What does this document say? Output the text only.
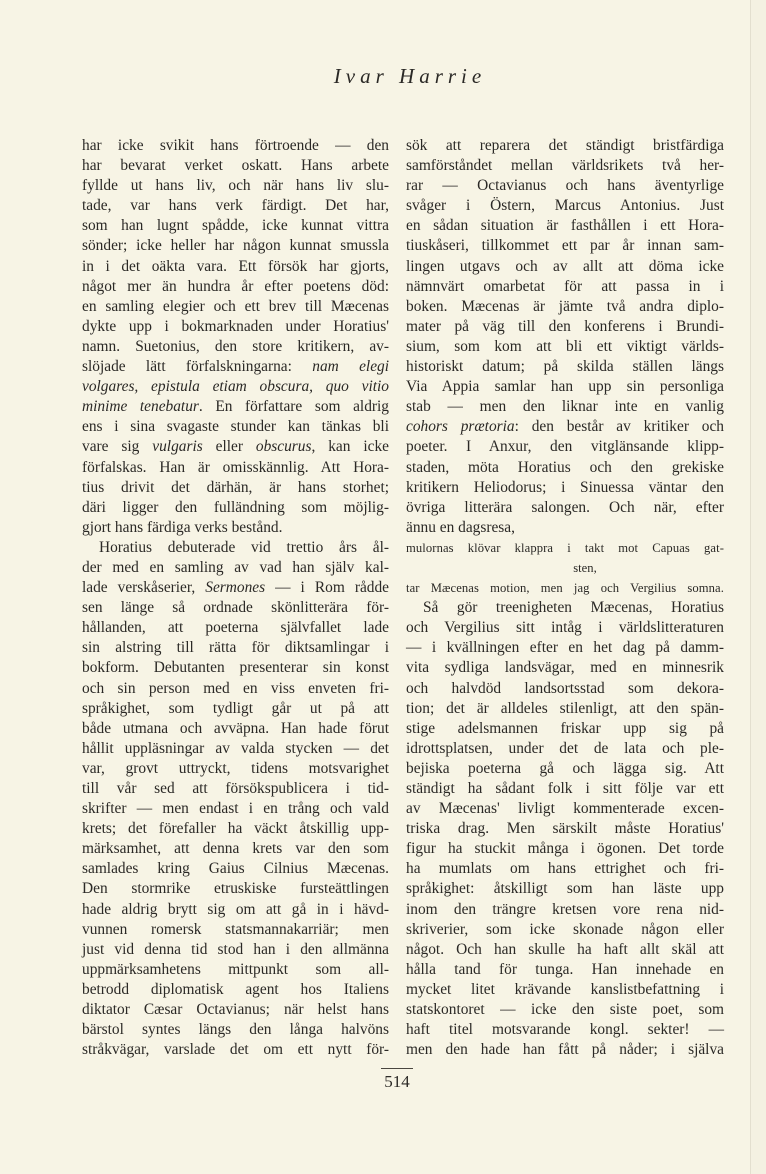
Ivar Harrie
har icke svikit hans förtroende — den
har bevarat verket oskatt. Hans arbete
fyllde ut hans liv, och när hans liv slu-
tade, var hans verk färdigt. Det har,
som han lugnt spådde, icke kunnat vittra
sönder; icke heller har någon kunnat smussla
in i det oäkta vara. Ett försök har gjorts,
något mer än hundra år efter poetens död:
en samling elegier och ett brev till Mæcenas
dykte upp i bokmarknaden under Horatius'
namn. Suetonius, den store kritikern, av-
slöjade lätt förfalskningarna: nam elegi
volgares, epistula etiam obscura, quo vitio
minime tenebatur. En författare som aldrig
ens i sina svagaste stunder kan tänkas bli
vare sig vulgaris eller obscurus, kan icke
förfalskas. Han är omisskännlig. Att Hora-
tius drivit det därhän, är hans storhet;
däri ligger den fulländning som möjlig-
gjort hans färdiga verks bestånd.
Horatius debuterade vid trettio års ål-
der med en samling av vad han själv kal-
lade verskåserier, Sermones — i Rom rådde
sen länge så ordnade skönlitterära för-
hållanden, att poeterna självfallet lade
sin alstring till rätta för diktsamlingar i
bokform. Debutanten presenterar sin konst
och sin person med en viss enveten fri-
språkighet, som tydligt går ut på att
både utmana och avväpna. Han hade förut
hållit uppläsningar av valda stycken — det
var, grovt uttryckt, tidens motsvarighet
till vår sed att försökspublicera i tid-
skrifter — men endast i en trång och vald
krets; det förefaller ha väckt åtskillig upp-
märksamhet, att denna krets var den som
samlades kring Gaius Cilnius Mæcenas.
Den stormrike etruskiske fursteättlingen
hade aldrig brytt sig om att gå in i hävd-
vunnen romersk statsmannakarriär; men
just vid denna tid stod han i den allmänna
uppmärksamhetens mittpunkt som all-
betrodd diplomatisk agent hos Italiens
diktator Cæsar Octavianus; när helst hans
bärstol syntes längs den långa halvöns
stråkvägar, varslade det om ett nytt för-
sök att reparera det ständigt bristfärdiga
samförståndet mellan världsrikets två her-
rar — Octavianus och hans äventyrlige
svåger i Östern, Marcus Antonius. Just
en sådan situation är fasthållen i ett Hora-
tiuskåseri, tillkommet ett par år innan sam-
lingen utgavs och av allt att döma icke
nämnvärt omarbetat för att passa in i
boken. Mæcenas är jämte två andra diplo-
mater på väg till den konferens i Brundi-
sium, som kom att bli ett viktigt världs-
historiskt datum; på skilda ställen längs
Via Appia samlar han upp sin personliga
stab — men den liknar inte en vanlig
cohors prætoria: den består av kritiker och
poeter. I Anxur, den vitglänsande klipp-
staden, möta Horatius och den grekiske
kritikern Heliodorus; i Sinuessa väntar den
övriga litterära salongen. Och när, efter
ännu en dagsresa,
mulornas klövar klappra i takt mot Capuas gat-
sten,
tar Mæcenas motion, men jag och Vergilius somna.
Så gör treenigheten Mæcenas, Horatius
och Vergilius sitt intåg i världslitteraturen
— i kvällningen efter en het dag på damm-
vita sydliga landsvägar, med en minnesrik
och halvdöd landsortsstad som dekora-
tion; det är alldeles stilenligt, att den spän-
stige adelsmannen friskar upp sig på
idrottsplatsen, under det de lata och ple-
bejiska poeterna gå och lägga sig. Att
ständigt ha sådant folk i sitt följe var ett
av Mæcenas' livligt kommenterade excen-
triska drag. Men särskilt måste Horatius'
figur ha stuckit många i ögonen. Det torde
ha mumlats om hans ettrighet och fri-
språkighet: åtskilligt som han läste upp
inom den trängre kretsen vore rena nid-
skriverier, som icke skonade någon eller
något. Och han skulle ha haft allt skäl att
hålla tand för tunga. Han innehade en
mycket litet krävande kanslistbefattning i
statskontoret — icke den siste poet, som
haft titel motsvarande kongl. sekter! —
men den hade han fått på nåder; i själva
514
